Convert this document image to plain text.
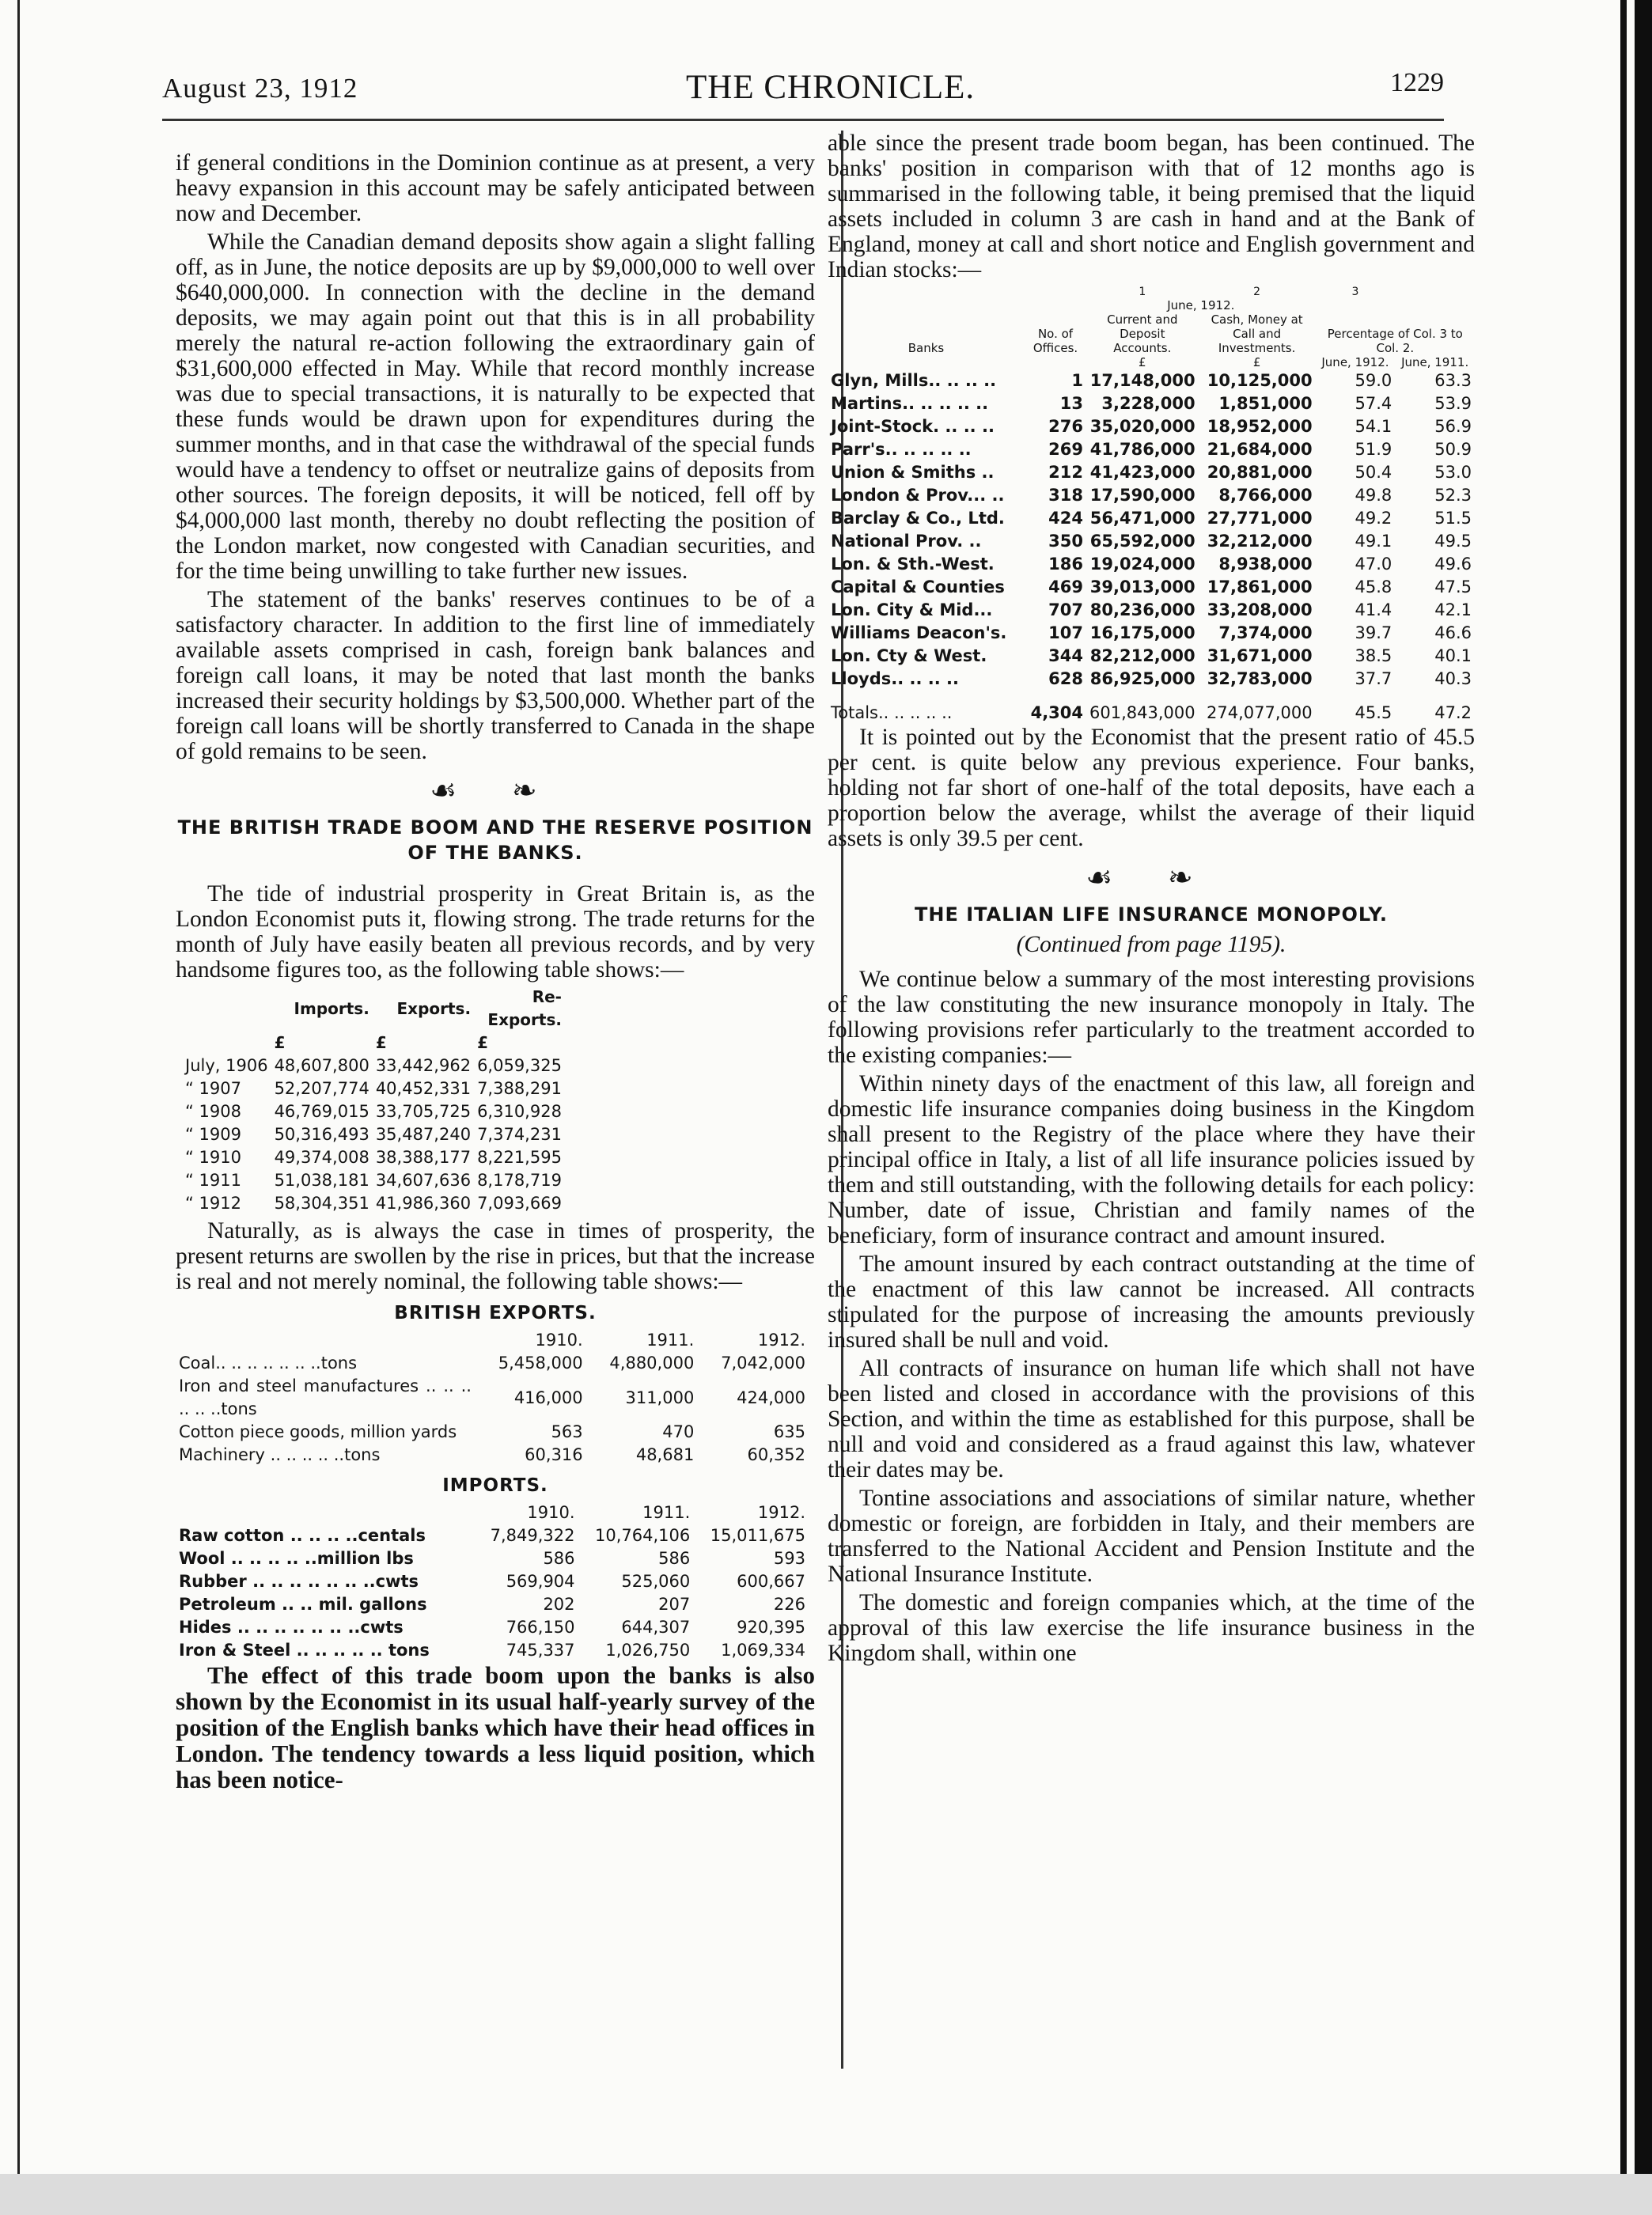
August 23, 1912	THE CHRONICLE.	1229

if general conditions in the Dominion continue as at present, a very heavy expansion in this account may be safely anticipated between now and December.

While the Canadian demand deposits show again a slight falling off, as in June, the notice deposits are up by $9,000,000 to well over $640,000,000. In connection with the decline in the demand deposits, we may again point out that this is in all probability merely the natural re-action following the extraordinary gain of $31,600,000 effected in May. While that record monthly increase was due to special transactions, it is naturally to be expected that these funds would be drawn upon for expenditures during the summer months, and in that case the withdrawal of the special funds would have a tendency to offset or neutralize gains of deposits from other sources. The foreign deposits, it will be noticed, fell off by $4,000,000 last month, thereby no doubt reflecting the position of the London market, now congested with Canadian securities, and for the time being unwilling to take further new issues.

The statement of the banks' reserves continues to be of a satisfactory character. In addition to the first line of immediately available assets comprised in cash, foreign bank balances and foreign call loans, it may be noted that last month the banks increased their security holdings by $3,500,000. Whether part of the foreign call loans will be shortly transferred to Canada in the shape of gold remains to be seen.

☙ ❧
THE BRITISH TRADE BOOM AND THE RESERVE POSITION OF THE BANKS.

The tide of industrial prosperity in Great Britain is, as the London Economist puts it, flowing strong. The trade returns for the month of July have easily beaten all previous records, and by very handsome figures too, as the following table shows:—

	Imports.	Exports.	Re-Exports.
	£	£	£
July, 1906	48,607,800	33,442,962	6,059,325
“ 1907	52,207,774	40,452,331	7,388,291
“ 1908	46,769,015	33,705,725	6,310,928
“ 1909	50,316,493	35,487,240	7,374,231
“ 1910	49,374,008	38,388,177	8,221,595
“ 1911	51,038,181	34,607,636	8,178,719
“ 1912	58,304,351	41,986,360	7,093,669

Naturally, as is always the case in times of prosperity, the present returns are swollen by the rise in prices, but that the increase is real and not merely nominal, the following table shows:—

BRITISH EXPORTS.
	1910.	1911.	1912.
Coal.. .. .. .. .. .. ..tons	5,458,000	4,880,000	7,042,000
Iron and steel manufactures .. .. .. .. .. ..tons	416,000	311,000	424,000
Cotton piece goods, million yards	563	470	635
Machinery .. .. .. .. ..tons	60,316	48,681	60,352
IMPORTS.
	1910.	1911.	1912.
Raw cotton .. .. .. ..centals	7,849,322	10,764,106	15,011,675
Wool .. .. .. .. ..million lbs	586	586	593
Rubber .. .. .. .. .. .. ..cwts	569,904	525,060	600,667
Petroleum .. .. mil. gallons	202	207	226
Hides .. .. .. .. .. .. ..cwts	766,150	644,307	920,395
Iron & Steel .. .. .. .. .. tons	745,337	1,026,750	1,069,334

The effect of this trade boom upon the banks is also shown by the Economist in its usual half-yearly survey of the position of the English banks which have their head offices in London. The tendency towards a less liquid position, which has been notice-

able since the present trade boom began, has been continued. The banks' position in comparison with that of 12 months ago is summarised in the following table, it being premised that the liquid assets included in column 3 are cash in hand and at the Bank of England, money at call and short notice and English government and Indian stocks:—

		1	2	3	
		June, 1912.			
Banks	No. of Offices.	Current and Deposit Accounts.	Cash, Money at Call and Investments.	Percentage of Col. 3 to Col. 2.	
		£	£	June, 1912.	June, 1911.
Glyn, Mills.. .. .. ..	1	17,148,000	10,125,000	59.0	63.3
Martins.. .. .. .. ..	13	3,228,000	1,851,000	57.4	53.9
Joint-Stock. .. .. ..	276	35,020,000	18,952,000	54.1	56.9
Parr's.. .. .. .. ..	269	41,786,000	21,684,000	51.9	50.9
Union & Smiths ..	212	41,423,000	20,881,000	50.4	53.0
London & Prov... ..	318	17,590,000	8,766,000	49.8	52.3
Barclay & Co., Ltd.	424	56,471,000	27,771,000	49.2	51.5
National Prov. ..	350	65,592,000	32,212,000	49.1	49.5
Lon. & Sth.-West.	186	19,024,000	8,938,000	47.0	49.6
Capital & Counties	469	39,013,000	17,861,000	45.8	47.5
Lon. City & Mid...	707	80,236,000	33,208,000	41.4	42.1
Williams Deacon's.	107	16,175,000	7,374,000	39.7	46.6
Lon. Cty & West.	344	82,212,000	31,671,000	38.5	40.1
Lloyds.. .. .. ..	628	86,925,000	32,783,000	37.7	40.3
Totals.. .. .. .. ..	4,304	601,843,000	274,077,000	45.5	47.2

It is pointed out by the Economist that the present ratio of 45.5 per cent. is quite below any previous experience. Four banks, holding not far short of one-half of the total deposits, have each a proportion below the average, whilst the average of their liquid assets is only 39.5 per cent.

☙ ❧
THE ITALIAN LIFE INSURANCE MONOPOLY.
(Continued from page 1195).

We continue below a summary of the most interesting provisions of the law constituting the new insurance monopoly in Italy. The following provisions refer particularly to the treatment accorded to the existing companies:—

Within ninety days of the enactment of this law, all foreign and domestic life insurance companies doing business in the Kingdom shall present to the Registry of the place where they have their principal office in Italy, a list of all life insurance policies issued by them and still outstanding, with the following details for each policy: Number, date of issue, Christian and family names of the beneficiary, form of insurance contract and amount insured.

The amount insured by each contract outstanding at the time of the enactment of this law cannot be increased. All contracts stipulated for the purpose of increasing the amounts previously insured shall be null and void.

All contracts of insurance on human life which shall not have been listed and closed in accordance with the provisions of this Section, and within the time as established for this purpose, shall be null and void and considered as a fraud against this law, whatever their dates may be.

Tontine associations and associations of similar nature, whether domestic or foreign, are forbidden in Italy, and their members are transferred to the National Accident and Pension Institute and the National Insurance Institute.

The domestic and foreign companies which, at the time of the approval of this law exercise the life insurance business in the Kingdom shall, within one
